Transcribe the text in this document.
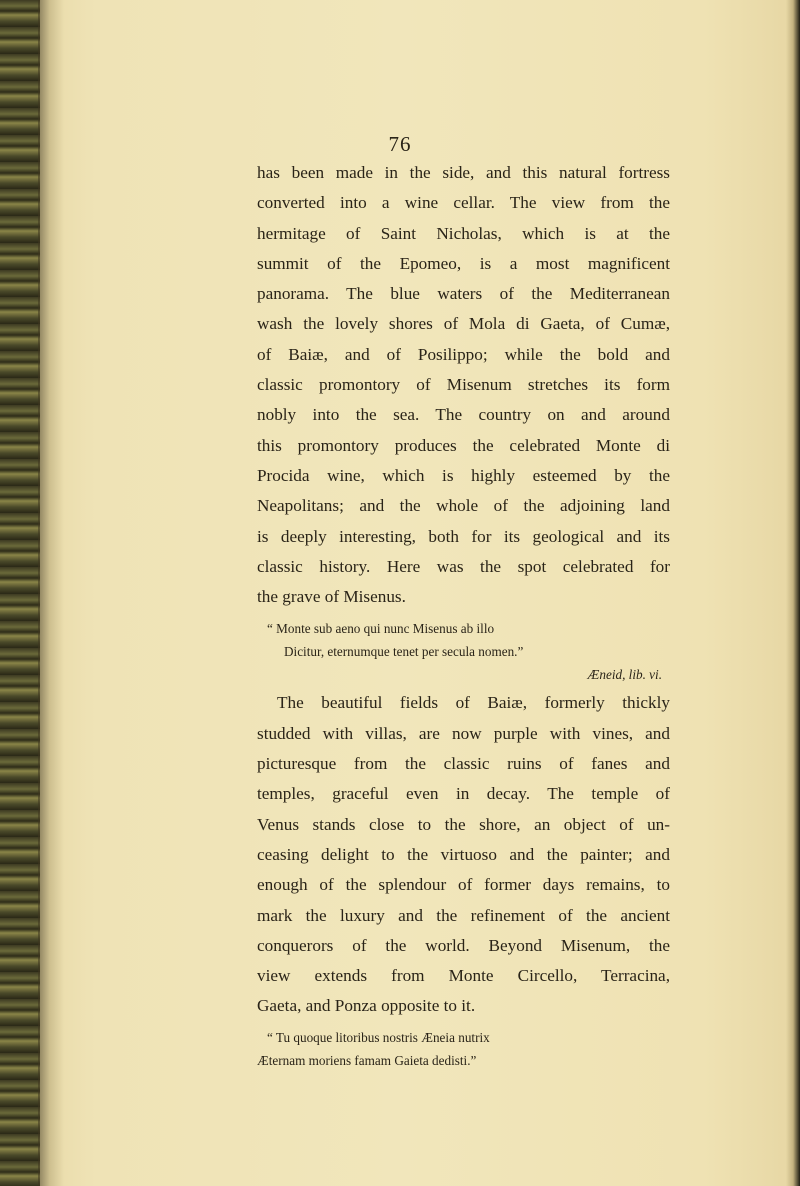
76
has been made in the side, and this natural fortress
converted into a wine cellar. The view from the
hermitage of Saint Nicholas, which is at the
summit of the Epomeo, is a most magnificent
panorama. The blue waters of the Mediterranean
wash the lovely shores of Mola di Gaeta, of Cumæ,
of Baiæ, and of Posilippo; while the bold and
classic promontory of Misenum stretches its form
nobly into the sea. The country on and around
this promontory produces the celebrated Monte di
Procida wine, which is highly esteemed by the
Neapolitans; and the whole of the adjoining land
is deeply interesting, both for its geological and its
classic history. Here was the spot celebrated for
the grave of Misenus.
“ Monte sub aeno qui nunc Misenus ab illo
Dicitur, eternumque tenet per secula nomen.”
Æneid, lib. vi.
The beautiful fields of Baiæ, formerly thickly
studded with villas, are now purple with vines, and
picturesque from the classic ruins of fanes and
temples, graceful even in decay. The temple of
Venus stands close to the shore, an object of un-
ceasing delight to the virtuoso and the painter; and
enough of the splendour of former days remains, to
mark the luxury and the refinement of the ancient
conquerors of the world. Beyond Misenum, the
view extends from Monte Circello, Terracina,
Gaeta, and Ponza opposite to it.
“ Tu quoque litoribus nostris Æneia nutrix
Æternam moriens famam Gaieta dedisti.”
